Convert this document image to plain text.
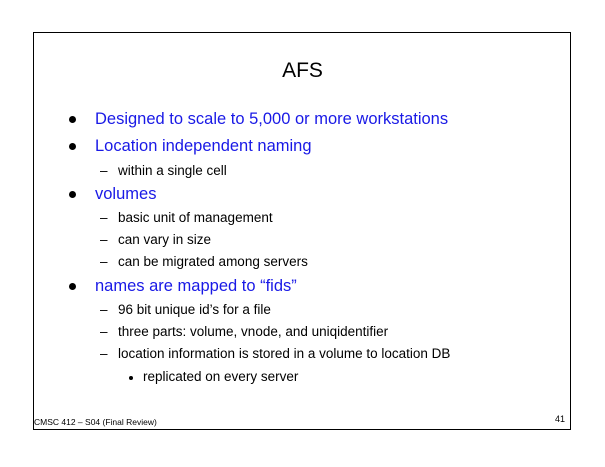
AFS
Designed to scale to 5,000 or more workstations
Location independent naming
– within a single cell
volumes
– basic unit of management
– can vary in size
– can be migrated among servers
names are mapped to “fids”
– 96 bit unique id’s for a file
– three parts: volume, vnode, and uniqidentifier
– location information is stored in a volume to location DB
replicated on every server
CMSC 412 – S04 (Final Review)	41
